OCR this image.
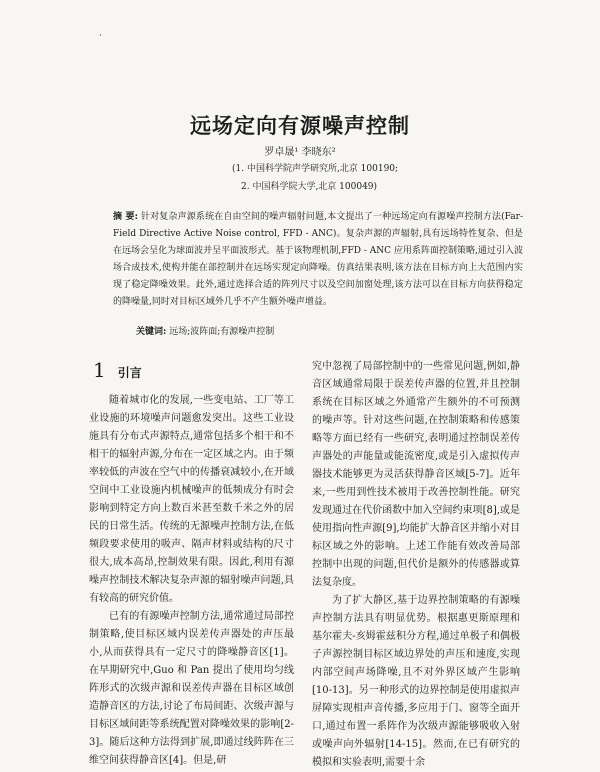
·
远场定向有源噪声控制
罗卓晟¹ 李晓东²
(1. 中国科学院声学研究所,北京 100190;
2. 中国科学院大学,北京 100049)

摘 要: 针对复杂声源系统在自由空间的噪声辐射问题,本文提出了一种远场定向有源噪声控制方法(Far-Field Directive Active Noise control, FFD - ANC)。复杂声源的声辐射,具有远场特性复杂、但是在远场会呈化为球面波并呈平面波形式。基于该物理机制,FFD - ANC 应用系阵面控制策略,通过引入波场合成技术,使构并能在部控制并在远场实现定向降噪。仿真结果表明,该方法在目标方向上大范围内实现了稳定降噪效果。此外,通过选择合适的阵列尺寸以及空间加窗处理,该方法可以在目标方向获得稳定的降噪量,同时对目标区域外几乎不产生额外噪声增益。

关键词: 远场;波阵面;有源噪声控制

1 引言

随着城市化的发展,一些变电站、工厂等工业设施的环境噪声问题愈发突出。这些工业设施具有分布式声源特点,通常包括多个相干和不相干的辐射声源,分布在一定区域之内。由于频率较低的声波在空气中的传播衰减较小,在开域空间中工业设施内机械噪声的低频成分有时会影响到特定方向上数百米甚至数千米之外的居民的日常生活。传统的无源噪声控制方法,在低频段要求使用的吸声、隔声材料或结构的尺寸很大,成本高昂,控制效果有限。因此,利用有源噪声控制技术解决复杂声源的辐射噪声问题,具有较高的研究价值。

已有的有源噪声控制方法,通常通过局部控制策略,使目标区域内误差传声器处的声压最小,从而获得具有一定尺寸的降噪静音区[1]。在早期研究中,Guo 和 Pan 提出了使用均匀线阵形式的次级声源和误差传声器在目标区域创造静音区的方法,讨论了布局间距、次级声源与目标区域间距等系统配置对降噪效果的影响[2-3]。随后这种方法得到扩展,即通过线阵阵在三维空间获得静音区[4]。但是,研

究中忽视了局部控制中的一些常见问题,例如,静音区域通常局限于误差传声器的位置,并且控制系统在目标区域之外通常产生额外的不可预测的噪声等。针对这些问题,在控制策略和传感策略等方面已经有一些研究,表明通过控制误差传声器处的声能量或能流密度,或是引入虚拟传声器技术能够更为灵活获得静音区域[5-7]。近年来,一些用到性技术被用于改善控制性能。研究发现通过在代价函数中加入空间约束项[8],或是使用指向性声源[9],均能扩大静音区并缩小对目标区域之外的影响。上述工作能有效改善局部控制中出现的问题,但代价是额外的传感器或算法复杂度。

为了扩大静区,基于边界控制策略的有源噪声控制方法具有明显优势。根据惠更斯原理和基尔霍夫-亥姆霍兹积分方程,通过单极子和偶极子声源控制目标区域边界处的声压和速度,实现内部空间声场降噪,且不对外界区域产生影响[10-13]。另一种形式的边界控制是使用虚拟声屏障实现相声音传播,多应用于门、窗等全面开口,通过布置一系阵作为次级声源能够吸收入射或噪声向外辐射[14-15]。然而,在已有研究的模拟和实验表明,需要十余
